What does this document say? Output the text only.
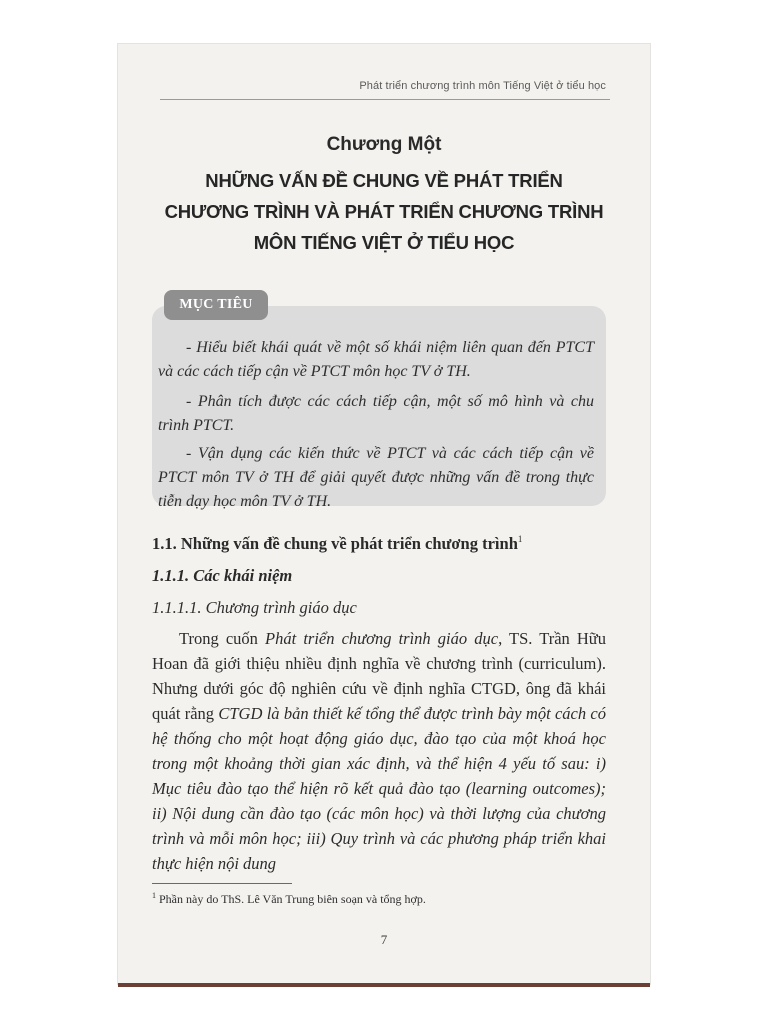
Phát triển chương trình môn Tiếng Việt ở tiểu học
Chương Một
NHỮNG VẤN ĐỀ CHUNG VỀ PHÁT TRIỂN
CHƯƠNG TRÌNH VÀ PHÁT TRIỂN CHƯƠNG TRÌNH
MÔN TIẾNG VIỆT Ở TIỂU HỌC
MỤC TIÊU
- Hiểu biết khái quát về một số khái niệm liên quan đến PTCT và các cách tiếp cận về PTCT môn học TV ở TH.
- Phân tích được các cách tiếp cận, một số mô hình và chu trình PTCT.
- Vận dụng các kiến thức về PTCT và các cách tiếp cận về PTCT môn TV ở TH để giải quyết được những vấn đề trong thực tiễn dạy học môn TV ở TH.
1.1. Những vấn đề chung về phát triển chương trình$^1$
1.1.1. Các khái niệm
1.1.1.1. Chương trình giáo dục
Trong cuốn Phát triển chương trình giáo dục, TS. Trần Hữu Hoan đã giới thiệu nhiều định nghĩa về chương trình (curriculum). Nhưng dưới góc độ nghiên cứu về định nghĩa CTGD, ông đã khái quát rằng CTGD là bản thiết kế tổng thể được trình bày một cách có hệ thống cho một hoạt động giáo dục, đào tạo của một khoá học trong một khoảng thời gian xác định, và thể hiện 4 yếu tố sau: i) Mục tiêu đào tạo thể hiện rõ kết quả đào tạo (learning outcomes); ii) Nội dung cần đào tạo (các môn học) và thời lượng của chương trình và mỗi môn học; iii) Quy trình và các phương pháp triển khai thực hiện nội dung
$^1$ Phần này do ThS. Lê Văn Trung biên soạn và tổng hợp.
7
